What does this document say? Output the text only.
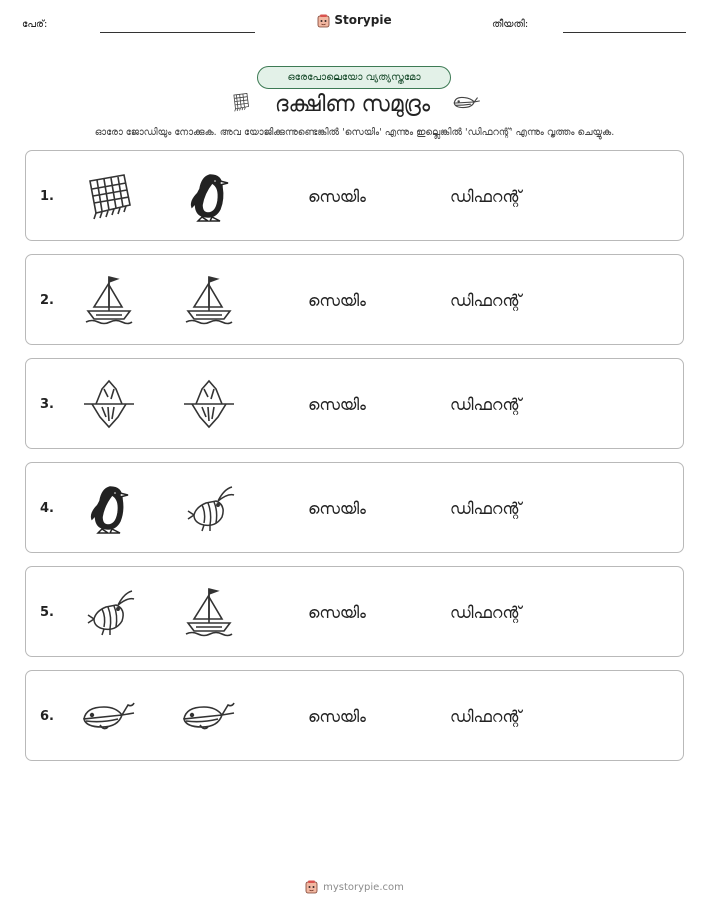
പേര്:	Storypie	തീയതി:
ഒരേപോലെയോ വ്യത്യസ്തമോ
ദക്ഷിണ സമുദ്രം
ഓരോ ജോഡിയും നോക്കുക. അവ യോജിക്കുന്നുണ്ടെങ്കിൽ 'സെയിം' എന്നും ഇല്ലെങ്കിൽ 'ഡിഫറന്റ്' എന്നും വൃത്തം ചെയ്യുക.
1.	സെയിം	ഡിഫറന്റ്
2.	സെയിം	ഡിഫറന്റ്
3.	സെയിം	ഡിഫറന്റ്
4.	സെയിം	ഡിഫറന്റ്
5.	സെയിം	ഡിഫറന്റ്
6.	സെയിം	ഡിഫറന്റ്
mystorypie.com
